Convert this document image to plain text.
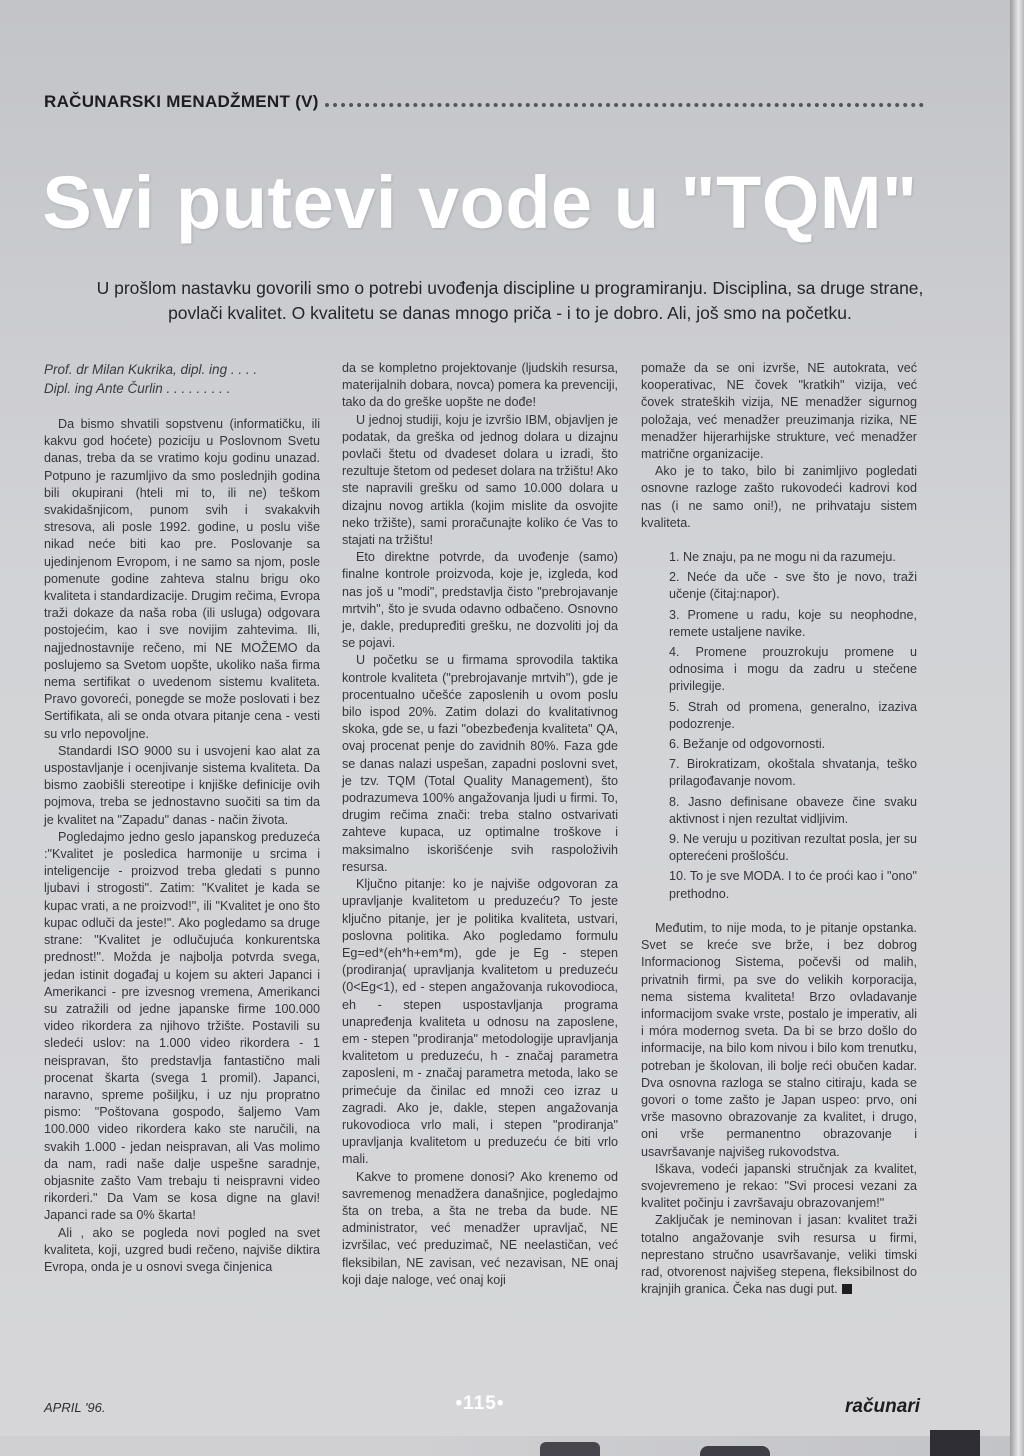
RAČUNARSKI MENADŽMENT (V)
Svi putevi vode u "TQM"
U prošlom nastavku govorili smo o potrebi uvođenja discipline u programiranju. Disciplina, sa druge strane, povlači kvalitet. O kvalitetu se danas mnogo priča - i to je dobro. Ali, još smo na početku.
Prof. dr Milan Kukrika, dipl. ing . . . .
Dipl. ing Ante Čurlin . . . . . . . . .

Da bismo shvatili sopstvenu (informatičku, ili kakvu god hoćete) poziciju u Poslovnom Svetu danas, treba da se vratimo koju godinu unazad. Potpuno je razumljivo da smo poslednjih godina bili okupirani (hteli mi to, ili ne) teškom svakidašnjicom, punom svih i svakakvih stresova, ali posle 1992. godine, u poslu više nikad neće biti kao pre. Poslovanje sa ujedinjenom Evropom, i ne samo sa njom, posle pomenute godine zahteva stalnu brigu oko kvaliteta i standardizacije. Drugim rečima, Evropa traži dokaze da naša roba (ili usluga) odgovara postojećim, kao i sve novijim zahtevima. Ili, najjednostavnije rečeno, mi NE MOŽEMO da poslujemo sa Svetom uopšte, ukoliko naša firma nema sertifikat o uvedenom sistemu kvaliteta. Pravo govoreći, ponegde se može poslovati i bez Sertifikata, ali se onda otvara pitanje cena - vesti su vrlo nepovoljne.

Standardi ISO 9000 su i usvojeni kao alat za uspostavljanje i ocenjivanje sistema kvaliteta. Da bismo zaobišli stereotipe i knjiške definicije ovih pojmova, treba se jednostavno suočiti sa tim da je kvalitet na "Zapadu" danas - način života.

Pogledajmo jedno geslo japanskog preduzeća :"Kvalitet je posledica harmonije u srcima i inteligencije - proizvod treba gledati s punno ljubavi i strogosti". Zatim: "Kvalitet je kada se kupac vrati, a ne proizvod!", ili "Kvalitet je ono što kupac odluči da jeste!". Ako pogledamo sa druge strane: "Kvalitet je odlučujuća konkurentska prednost!". Možda je najbolja potvrda svega, jedan istinit događaj u kojem su akteri Japanci i Amerikanci - pre izvesnog vremena, Amerikanci su zatražili od jedne japanske firme 100.000 video rikordera za njihovo tržište. Postavili su sledeći uslov: na 1.000 video rikordera - 1 neispravan, što predstavlja fantastično mali procenat škarta (svega 1 promil). Japanci, naravno, spreme pošiljku, i uz nju propratno pismo: "Poštovana gospodo, šaljemo Vam 100.000 video rikordera kako ste naručili, na svakih 1.000 - jedan neispravan, ali Vas molimo da nam, radi naše dalje uspešne saradnje, objasnite zašto Vam trebaju ti neispravni video rikorderi." Da Vam se kosa digne na glavi! Japanci rade sa 0% škarta!

Ali , ako se pogleda novi pogled na svet kvaliteta, koji, uzgred budi rečeno, najviše diktira Evropa, onda je u osnovi svega činjenica

da se kompletno projektovanje (ljudskih resursa, materijalnih dobara, novca) pomera ka prevenciji, tako da do greške uopšte ne dođe!

U jednoj studiji, koju je izvršio IBM, objavljen je podatak, da greška od jednog dolara u dizajnu povlači štetu od dvadeset dolara u izradi, što rezultuje štetom od pedeset dolara na tržištu! Ako ste napravili grešku od samo 10.000 dolara u dizajnu novog artikla (kojim mislite da osvojite neko tržište), sami proračunajte koliko će Vas to stajati na tržištu!

Eto direktne potvrde, da uvođenje (samo) finalne kontrole proizvoda, koje je, izgleda, kod nas još u "modi", predstavlja čisto "prebrojavanje mrtvih", što je svuda odavno odbačeno. Osnovno je, dakle, predupređiti grešku, ne dozvoliti joj da se pojavi.

U početku se u firmama sprovodila taktika kontrole kvaliteta ("prebrojavanje mrtvih"), gde je procentualno učešće zaposlenih u ovom poslu bilo ispod 20%. Zatim dolazi do kvalitativnog skoka, gde se, u fazi "obezbeđenja kvaliteta" QA, ovaj procenat penje do zavidnih 80%. Faza gde se danas nalazi uspešan, zapadni poslovni svet, je tzv. TQM (Total Quality Management), što podrazumeva 100% angažovanja ljudi u firmi. To, drugim rečima znači: treba stalno ostvarivati zahteve kupaca, uz optimalne troškove i maksimalno iskorišćenje svih raspoloživih resursa.

Ključno pitanje: ko je najviše odgovoran za upravljanje kvalitetom u preduzeću? To jeste ključno pitanje, jer je politika kvaliteta, ustvari, poslovna politika. Ako pogledamo formulu Eg=ed*(eh*h+em*m), gde je Eg - stepen (prodiranja( upravljanja kvalitetom u preduzeću (0<Eg<1), ed - stepen angažovanja rukovodioca, eh - stepen uspostavljanja programa unapređenja kvaliteta u odnosu na zaposlene, em - stepen "prodiranja" metodologije upravljanja kvalitetom u preduzeću, h - značaj parametra zaposleni, m - značaj parametra metoda, lako se primećuje da činilac ed množi ceo izraz u zagradi. Ako je, dakle, stepen angažovanja rukovodioca vrlo mali, i stepen "prodiranja" upravljanja kvalitetom u preduzeću će biti vrlo mali.

Kakve to promene donosi? Ako krenemo od savremenog menadžera današnjice, pogledajmo šta on treba, a šta ne treba da bude. NE administrator, već menadžer upravljač, NE izvršilac, već preduzimač, NE neelastičan, već fleksibilan, NE zavisan, već nezavisan, NE onaj koji daje naloge, već onaj koji

pomaže da se oni izvrše, NE autokrata, već kooperativac, NE čovek "kratkih" vizija, već čovek strateških vizija, NE menadžer sigurnog položaja, već menadžer preuzimanja rizika, NE menadžer hijerarhijske strukture, već menadžer matrične organizacije.

Ako je to tako, bilo bi zanimljivo pogledati osnovne razloge zašto rukovodeći kadrovi kod nas (i ne samo oni!), ne prihvataju sistem kvaliteta.

1. Ne znaju, pa ne mogu ni da razumeju.

2. Neće da uče - sve što je novo, traži učenje (čitaj:napor).

3. Promene u radu, koje su neophodne, remete ustaljene navike.

4. Promene prouzrokuju promene u odnosima i mogu da zadru u stečene privilegije.

5. Strah od promena, generalno, izaziva podozrenje.

6. Bežanje od odgovornosti.

7. Birokratizam, okoštala shvatanja, teško prilagođavanje novom.

8. Jasno definisane obaveze čine svaku aktivnost i njen rezultat vidljivim.

9. Ne veruju u pozitivan rezultat posla, jer su opterećeni prošlošću.

10. To je sve MODA. I to će proći kao i "ono" prethodno.

Međutim, to nije moda, to je pitanje opstanka. Svet se kreće sve brže, i bez dobrog Informacionog Sistema, počevši od malih, privatnih firmi, pa sve do velikih korporacija, nema sistema kvaliteta! Brzo ovladavanje informacijom svake vrste, postalo je imperativ, ali i móra modernog sveta. Da bi se brzo došlo do informacije, na bilo kom nivou i bilo kom trenutku, potreban je školovan, ili bolje reći obučen kadar. Dva osnovna razloga se stalno citiraju, kada se govori o tome zašto je Japan uspeo: prvo, oni vrše masovno obrazovanje za kvalitet, i drugo, oni vrše permanentno obrazovanje i usavršavanje najvišeg rukovodstva.

Iškava, vodeći japanski stručnjak za kvalitet, svojevremeno je rekao: "Svi procesi vezani za kvalitet počinju i završavaju obrazovanjem!"

Zaključak je neminovan i jasan: kvalitet traži totalno angažovanje svih resursa u firmi, neprestano stručno usavršavanje, veliki timski rad, otvorenost najvišeg stepena, fleksibilnost do krajnjih granica. Čeka nas dugi put.

APRIL '96.	•115•	računari
